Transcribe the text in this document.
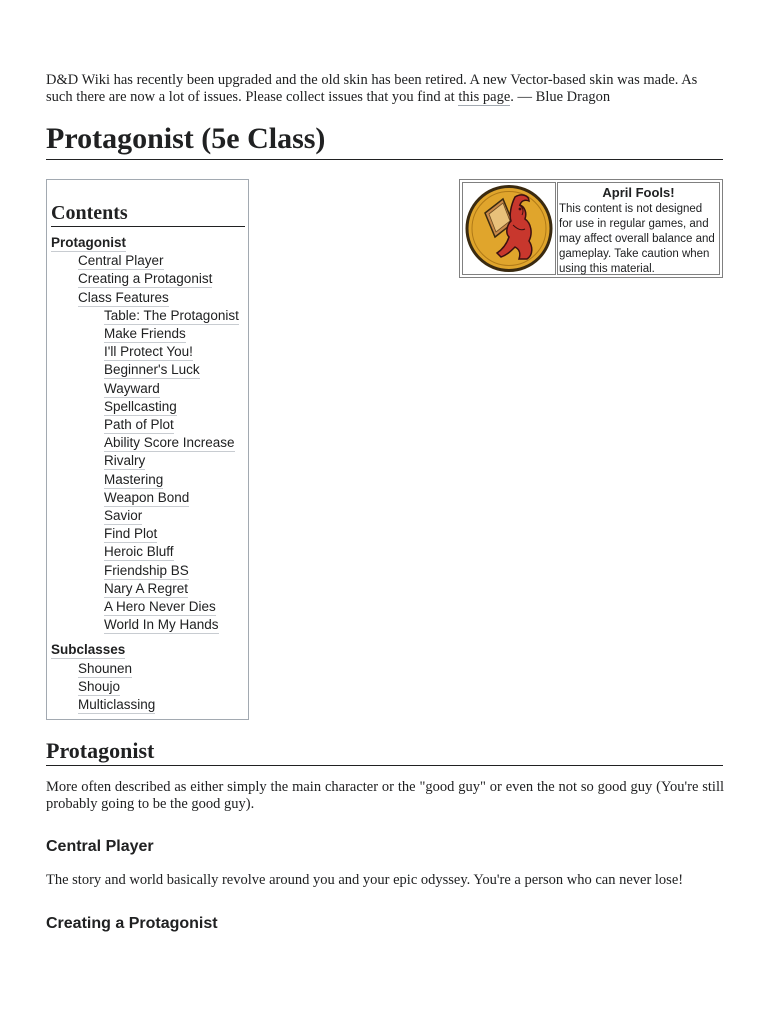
D&D Wiki has recently been upgraded and the old skin has been retired. A new Vector-based skin was made. As such there are now a lot of issues. Please collect issues that you find at this page. — Blue Dragon
Protagonist (5e Class)
Contents
Protagonist
Central Player
Creating a Protagonist
Class Features
Table: The Protagonist
Make Friends
I'll Protect You!
Beginner's Luck
Wayward
Spellcasting
Path of Plot
Ability Score Increase
Rivalry
Mastering
Weapon Bond
Savior
Find Plot
Heroic Bluff
Friendship BS
Nary A Regret
A Hero Never Dies
World In My Hands
Subclasses
Shounen
Shoujo
Multiclassing
April Fools!
This content is not designed for use in regular games, and may affect overall balance and gameplay. Take caution when using this material.
Protagonist

More often described as either simply the main character or the "good guy" or even the not so good guy (You're still probably going to be the good guy).

Central Player

The story and world basically revolve around you and your epic odyssey. You're a person who can never lose!

Creating a Protagonist
